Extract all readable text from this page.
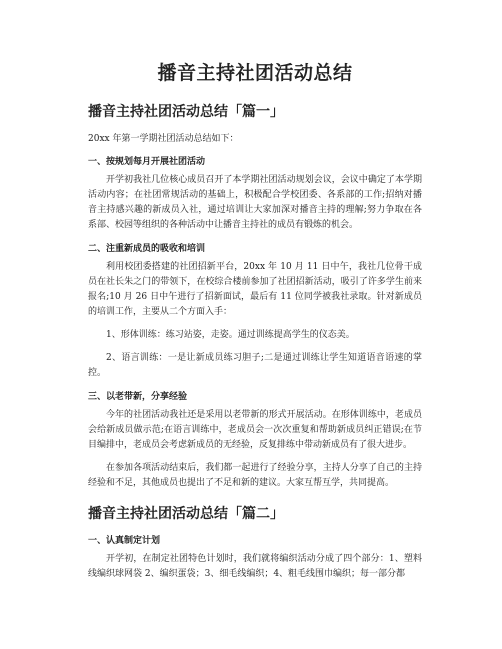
播音主持社团活动总结
播音主持社团活动总结「篇一」

20xx 年第一学期社团活动总结如下：

一、按规划每月开展社团活动

开学初我社几位核心成员召开了本学期社团活动规划会议，会议中确定了本学期活动内容；在社团常规活动的基础上，积极配合学校团委、各系部的工作;招纳对播音主持感兴趣的新成员入社，通过培训让大家加深对播音主持的理解;努力争取在各系部、校园等组织的各种活动中让播音主持社的成员有锻炼的机会。

二、注重新成员的吸收和培训

利用校团委搭建的社团招新平台，20xx 年 10 月 11 日中午，我社几位骨干成员在社长朱之门的带领下，在校综合楼前参加了社团招新活动，吸引了许多学生前来报名;10 月 26 日中午进行了招新面试，最后有 11 位同学被我社录取。针对新成员的培训工作，主要从二个方面入手：

1、形体训练：练习站姿，走姿。通过训练提高学生的仪态美。

2、语言训练：一是让新成员练习胆子;二是通过训练让学生知道语音语速的掌控。

三、以老带新，分享经验

今年的社团活动我社还是采用以老带新的形式开展活动。在形体训练中，老成员会给新成员做示范;在语言训练中，老成员会一次次重复和帮助新成员纠正错误;在节目编排中，老成员会考虑新成员的无经验，反复排练中带动新成员有了很大进步。

在参加各项活动结束后，我们都一起进行了经验分享，主持人分享了自己的主持经验和不足，其他成员也提出了不足和新的建议。大家互帮互学，共同提高。

播音主持社团活动总结「篇二」
一、认真制定计划

开学初，在制定社团特色计划时，我们就将编织活动分成了四个部分：1、塑料线编织球网袋 2、编织蛋袋；3、细毛线编织；4、粗毛线围巾编织；每一部分都
